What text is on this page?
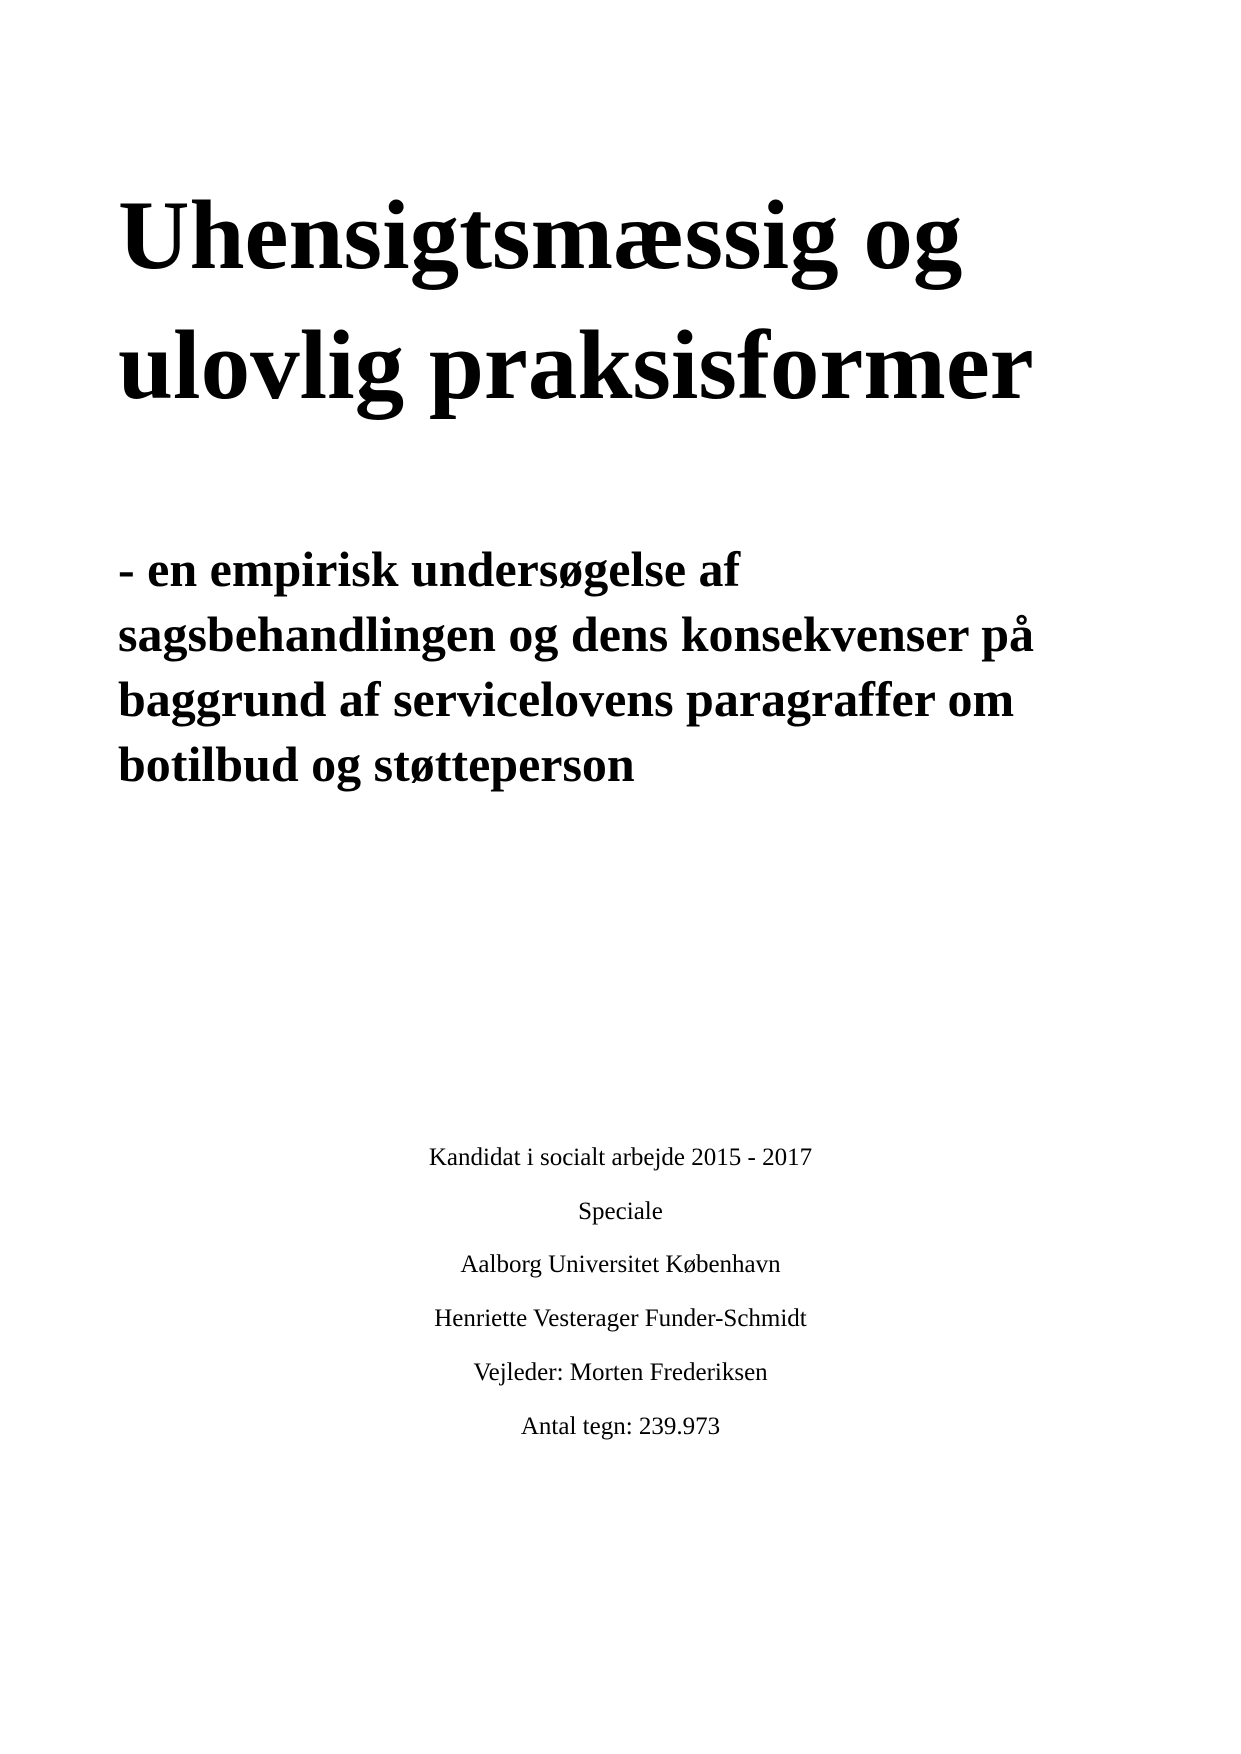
Uhensigtsmæssig og
ulovlig praksisformer
- en empirisk undersøgelse af
sagsbehandlingen og dens konsekvenser på
baggrund af servicelovens paragraffer om
botilbud og støtteperson

Kandidat i socialt arbejde 2015 - 2017

Speciale

Aalborg Universitet København

Henriette Vesterager Funder-Schmidt

Vejleder: Morten Frederiksen

Antal tegn: 239.973
